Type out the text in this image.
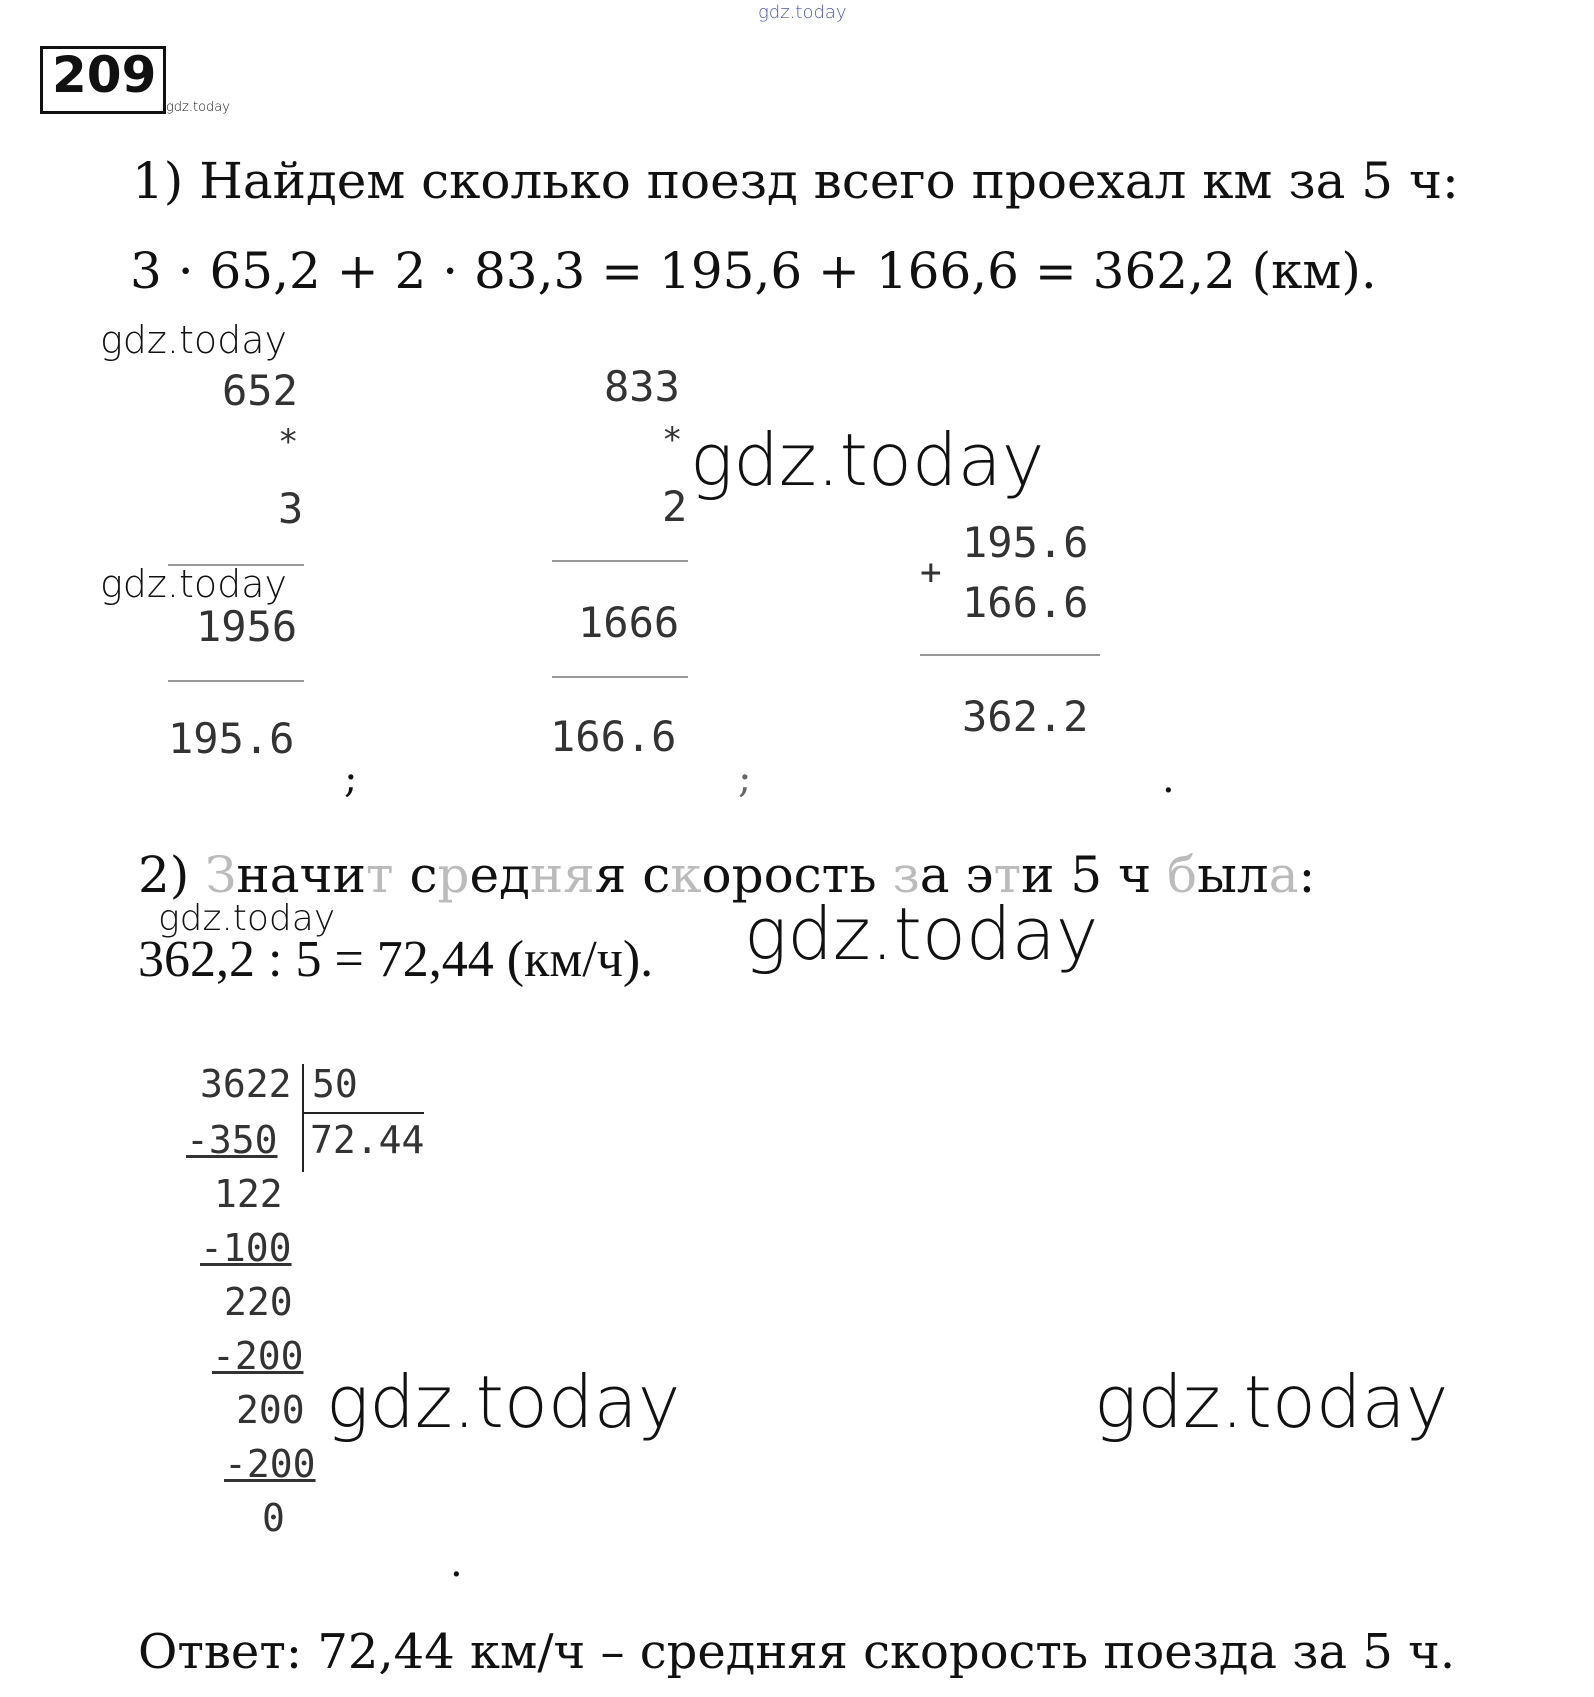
gdz.today
209
gdz.today
1) Найдем сколько поезд всего проехал км за 5 ч:
3 · 65,2 + 2 · 83,3 = 195,6 + 166,6 = 362,2 (км).
gdz.today
652
*
3
gdz.today
1956
195.6
;
833
*
2
1666
166.6
;
gdz.today
195.6
+
166.6
362.2
.
2) Значит средняя скорость за эти 5 ч была:
gdz.today
362,2 : 5 = 72,44 (км/ч). gdz.today
3622 50
72.44
-350
122
-100
220
-200
200
-200
0
.
gdz.today	gdz.today
Ответ: 72,44 км/ч – средняя скорость поезда за 5 ч.
